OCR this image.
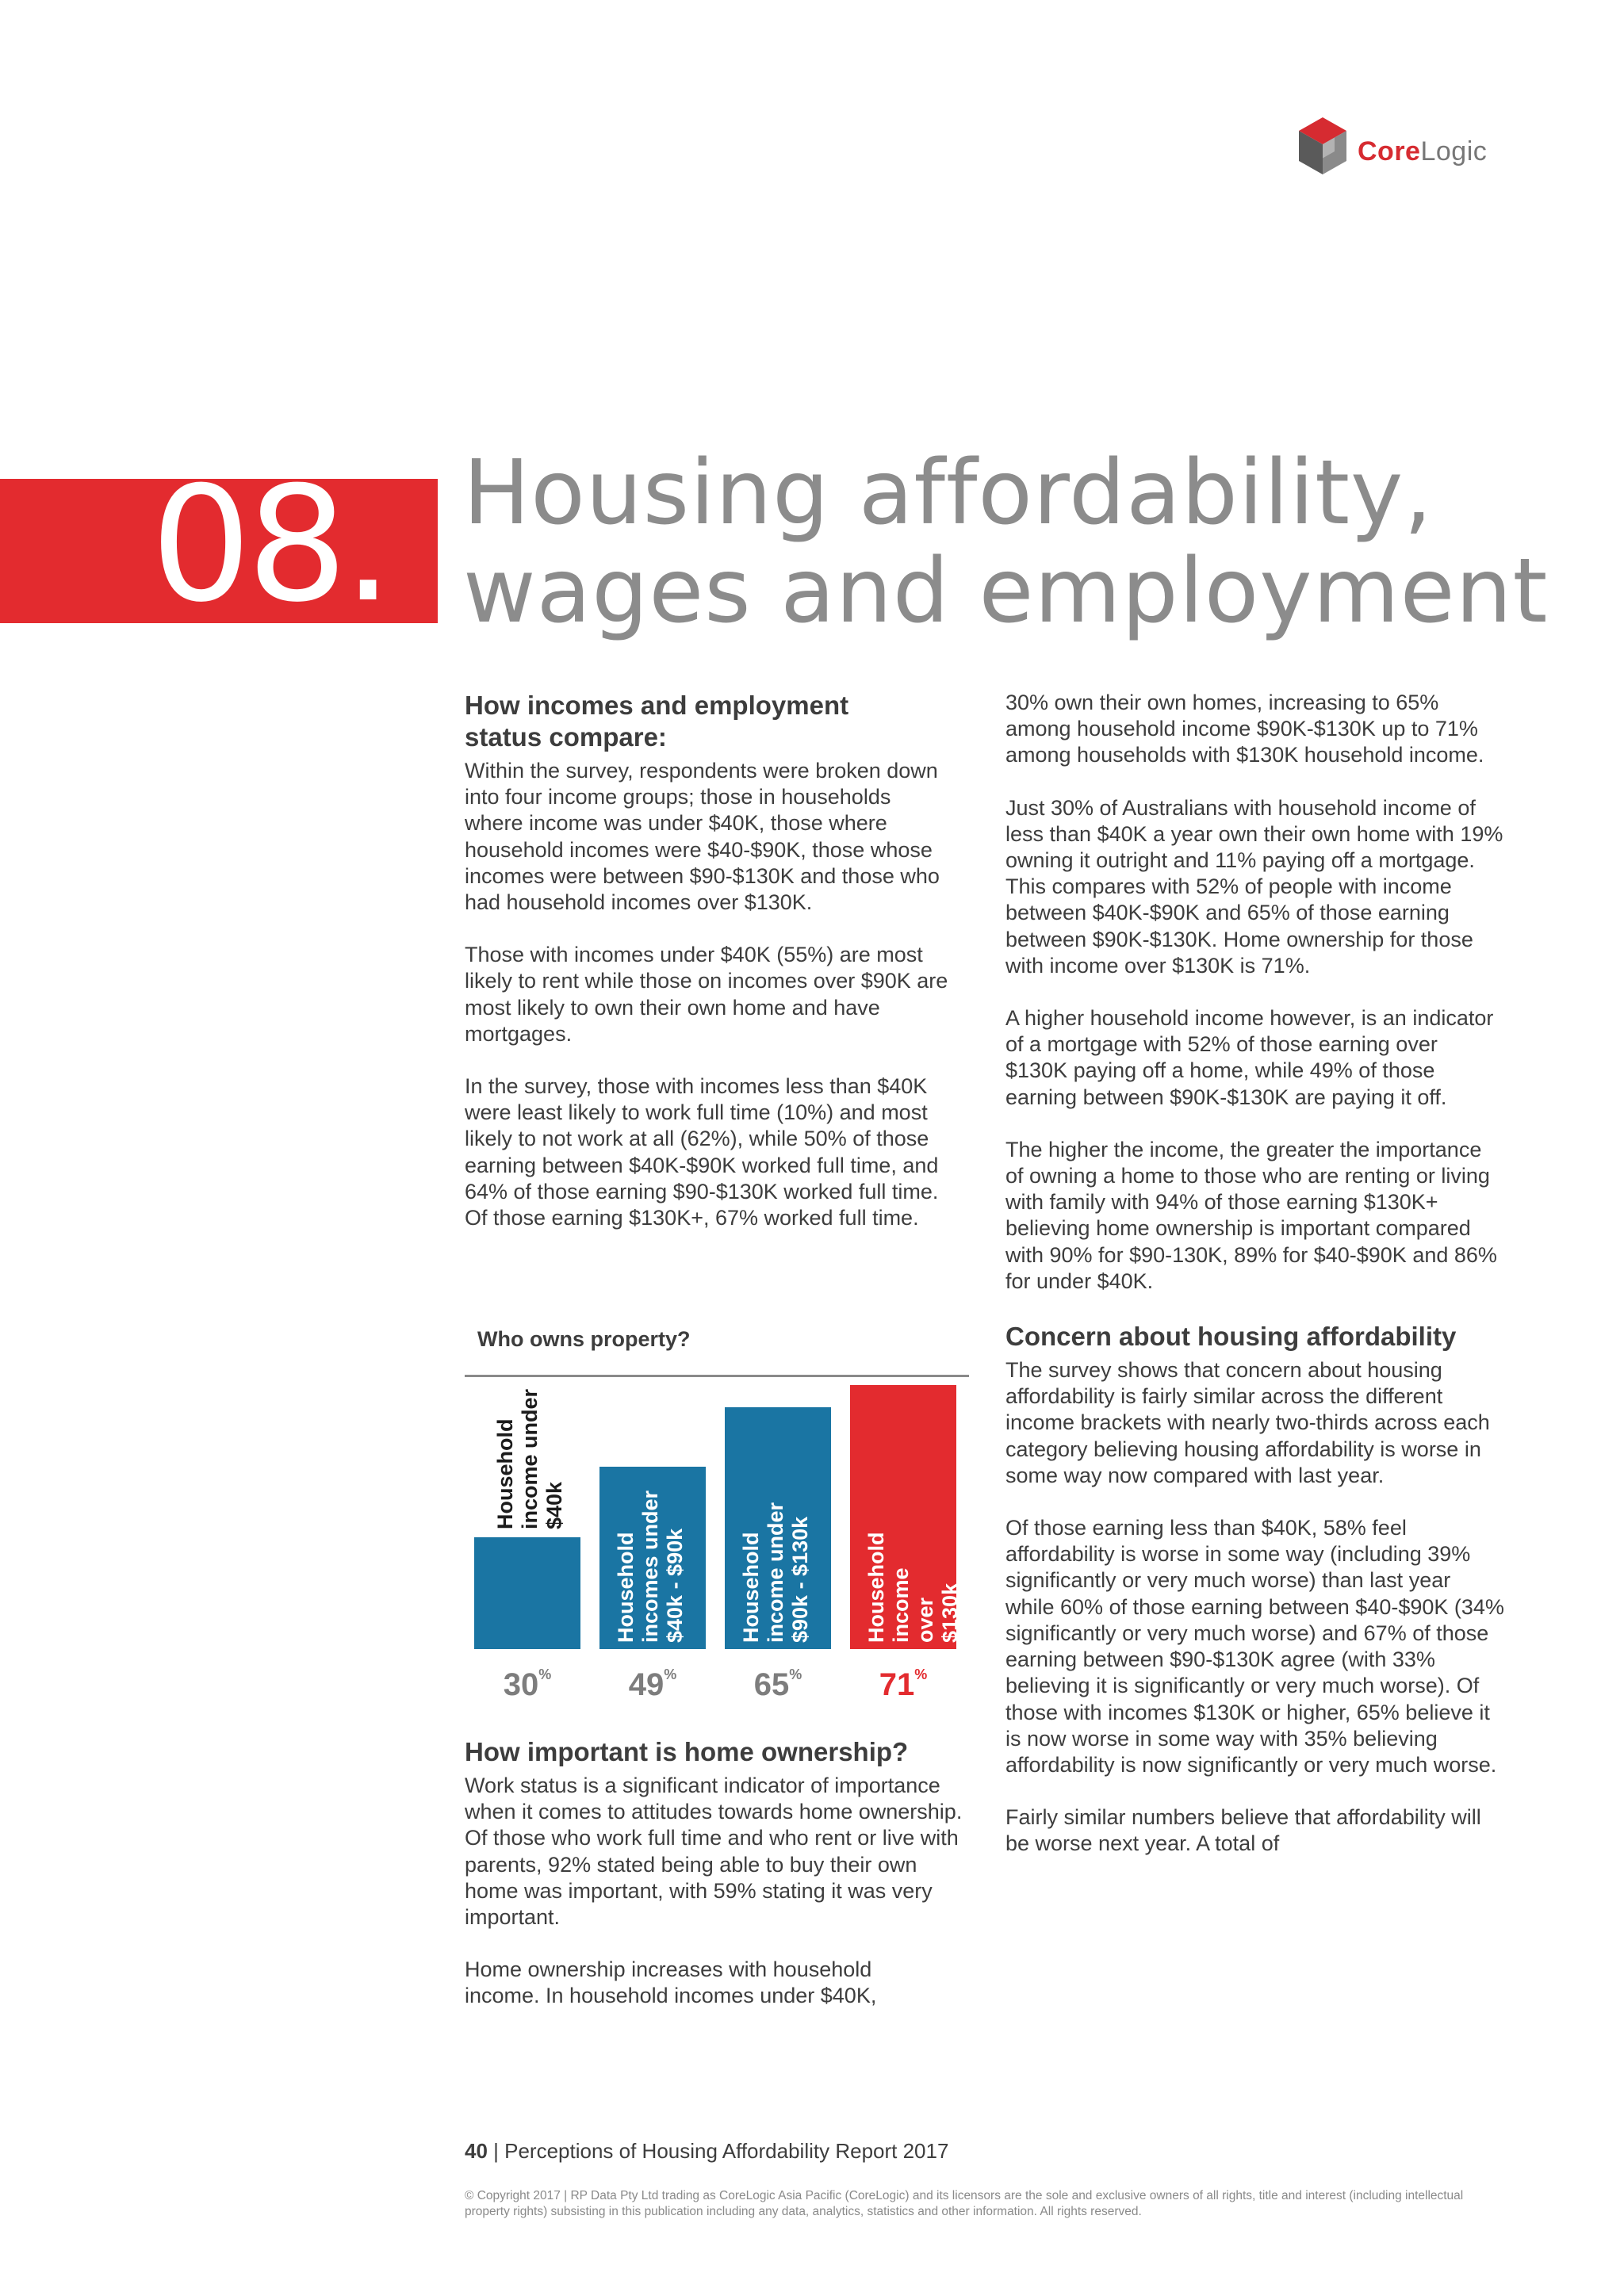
CoreLogic
08. Housing affordability,
wages and employment
How incomes and employment status compare:

Within the survey, respondents were broken down into four income groups; those in households where income was under $40K, those where household incomes were $40-$90K, those whose incomes were between $90-$130K and those who had household incomes over $130K.

Those with incomes under $40K (55%) are most likely to rent while those on incomes over $90K are most likely to own their own home and have mortgages.

In the survey, those with incomes less than $40K were least likely to work full time (10%) and most likely to not work at all (62%), while 50% of those earning between $40K-$90K worked full time, and 64% of those earning $90-$130K worked full time. Of those earning $130K+, 67% worked full time.

Who owns property?
Household
income under
$40k
30%
Household
incomes under
$40k - $90k
49%
Household
income under
$90k - $130k
65%
Household
income over
$130k
71%
How important is home ownership?

Work status is a significant indicator of importance when it comes to attitudes towards home ownership. Of those who work full time and who rent or live with parents, 92% stated being able to buy their own home was important, with 59% stating it was very important.

Home ownership increases with household income. In household incomes under $40K,

30% own their own homes, increasing to 65% among household income $90K-$130K up to 71% among households with $130K household income.

Just 30% of Australians with household income of less than $40K a year own their own home with 19% owning it outright and 11% paying off a mortgage. This compares with 52% of people with income between $40K-$90K and 65% of those earning between $90K-$130K. Home ownership for those with income over $130K is 71%.

A higher household income however, is an indicator of a mortgage with 52% of those earning over $130K paying off a home, while 49% of those earning between $90K-$130K are paying it off.

The higher the income, the greater the importance of owning a home to those who are renting or living with family with 94% of those earning $130K+ believing home ownership is important compared with 90% for $90-130K, 89% for $40-$90K and 86% for under $40K.

Concern about housing affordability

The survey shows that concern about housing affordability is fairly similar across the different income brackets with nearly two-thirds across each category believing housing affordability is worse in some way now compared with last year.

Of those earning less than $40K, 58% feel affordability is worse in some way (including 39% significantly or very much worse) than last year while 60% of those earning between $40-$90K (34% significantly or very much worse) and 67% of those earning between $90-$130K agree (with 33% believing it is significantly or very much worse). Of those with incomes $130K or higher, 65% believe it is now worse in some way with 35% believing affordability is now significantly or very much worse.

Fairly similar numbers believe that affordability will be worse next year. A total of

40 | Perceptions of Housing Affordability Report 2017
© Copyright 2017 | RP Data Pty Ltd trading as CoreLogic Asia Pacific (CoreLogic) and its licensors are the sole and exclusive owners of all rights, title and interest (including intellectual property rights) subsisting in this publication including any data, analytics, statistics and other information. All rights reserved.
